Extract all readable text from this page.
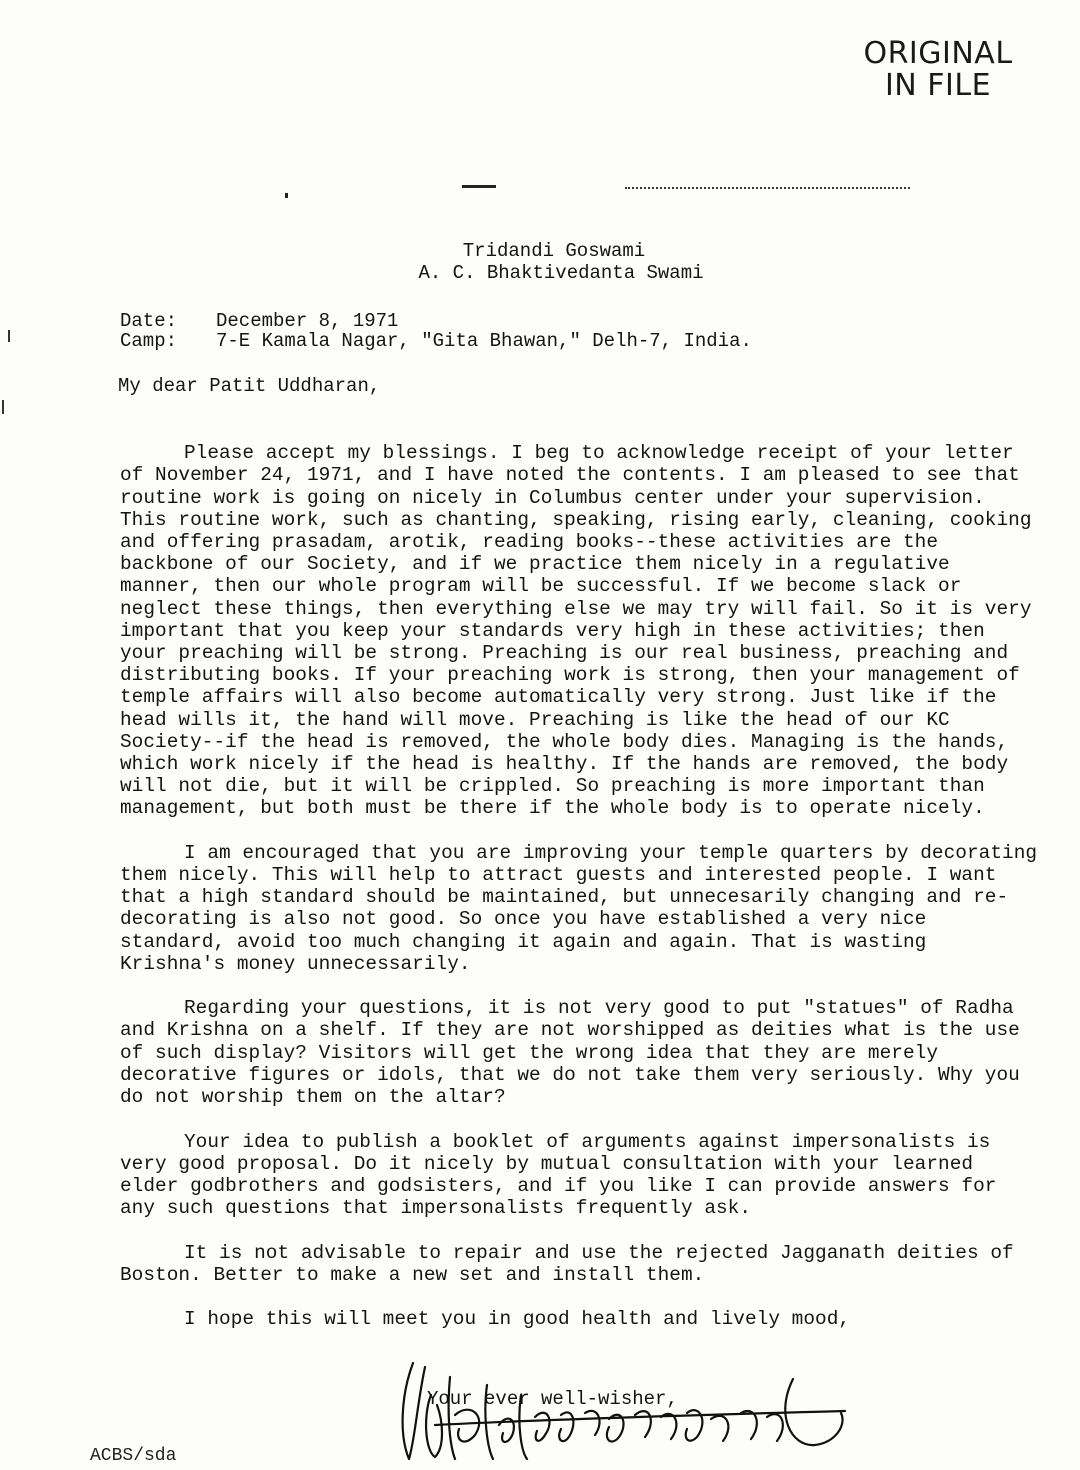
ORIGINAL
IN FILE
Tridandi Goswami
A. C. Bhaktivedanta Swami
Date: December 8, 1971
Camp: 7-E Kamala Nagar, "Gita Bhawan," Delh-7, India.
My dear Patit Uddharan,

Please accept my blessings. I beg to acknowledge receipt of your letter of November 24, 1971, and I have noted the contents. I am pleased to see that routine work is going on nicely in Columbus center under your supervision. This routine work, such as chanting, speaking, rising early, cleaning, cooking and offering prasadam, arotik, reading books--these activities are the backbone of our Society, and if we practice them nicely in a regulative manner, then our whole program will be successful. If we become slack or neglect these things, then everything else we may try will fail. So it is very important that you keep your standards very high in these activities; then your preaching will be strong. Preaching is our real business, preaching and distributing books. If your preaching work is strong, then your management of temple affairs will also become automatically very strong. Just like if the head wills it, the hand will move. Preaching is like the head of our KC Society--if the head is removed, the whole body dies. Managing is the hands, which work nicely if the head is healthy. If the hands are removed, the body will not die, but it will be crippled. So preaching is more important than management, but both must be there if the whole body is to operate nicely.

I am encouraged that you are improving your temple quarters by decorating them nicely. This will help to attract guests and interested people. I want that a high standard should be maintained, but unnecesarily changing and re-decorating is also not good. So once you have established a very nice standard, avoid too much changing it again and again. That is wasting Krishna's money unnecessarily.

Regarding your questions, it is not very good to put "statues" of Radha and Krishna on a shelf. If they are not worshipped as deities what is the use of such display? Visitors will get the wrong idea that they are merely decorative figures or idols, that we do not take them very seriously. Why you do not worship them on the altar?

Your idea to publish a booklet of arguments against impersonalists is very good proposal. Do it nicely by mutual consultation with your learned elder godbrothers and godsisters, and if you like I can provide answers for any such questions that impersonalists frequently ask.

It is not advisable to repair and use the rejected Jagganath deities of Boston. Better to make a new set and install them.

I hope this will meet you in good health and lively mood,

Your ever well-wisher,
ACBS/sda
